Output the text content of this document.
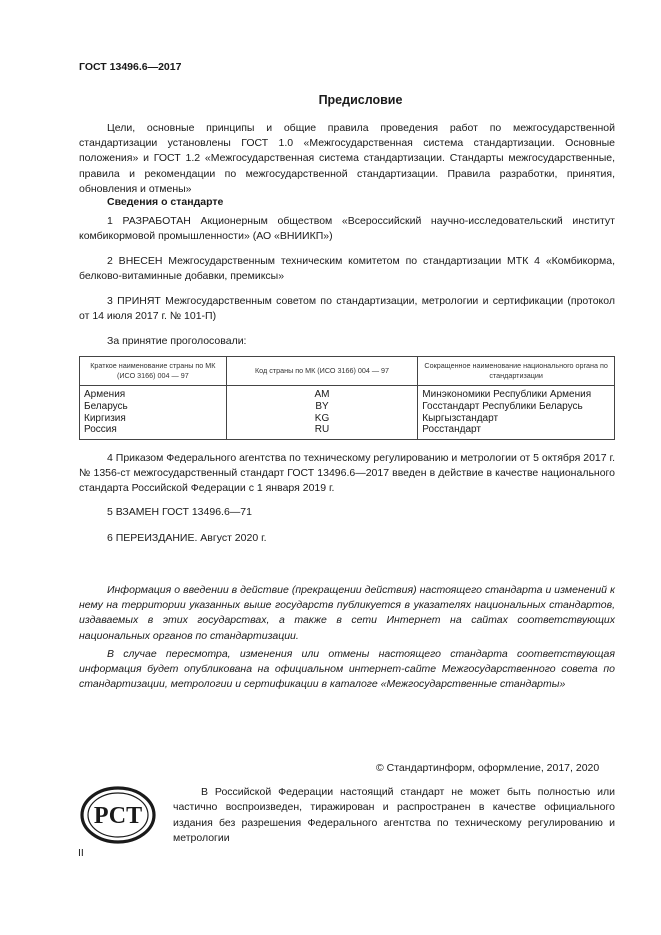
ГОСТ 13496.6—2017
Предисловие
Цели, основные принципы и общие правила проведения работ по межгосударственной стандартизации установлены ГОСТ 1.0 «Межгосударственная система стандартизации. Основные положения» и ГОСТ 1.2 «Межгосударственная система стандартизации. Стандарты межгосударственные, правила и рекомендации по межгосударственной стандартизации. Правила разработки, принятия, обновления и отмены»
Сведения о стандарте
1 РАЗРАБОТАН Акционерным обществом «Всероссийский научно-исследовательский институт комбикормовой промышленности» (АО «ВНИИКП»)
2 ВНЕСЕН Межгосударственным техническим комитетом по стандартизации МТК 4 «Комбикорма, белково-витаминные добавки, премиксы»
3 ПРИНЯТ Межгосударственным советом по стандартизации, метрологии и сертификации (протокол от 14 июля 2017 г. № 101-П)
За принятие проголосовали:
Краткое наименование страны по МК (ИСО 3166) 004 — 97	Код страны по МК (ИСО 3166) 004 — 97	Сокращенное наименование национального органа по стандартизации
Армения	AM	Минэкономики Республики Армения
Беларусь	BY	Госстандарт Республики Беларусь
Киргизия	KG	Кыргызстандарт
Россия	RU	Росстандарт
4 Приказом Федерального агентства по техническому регулированию и метрологии от 5 октября 2017 г. № 1356-ст межгосударственный стандарт ГОСТ 13496.6—2017 введен в действие в качестве национального стандарта Российской Федерации с 1 января 2019 г.
5 ВЗАМЕН ГОСТ 13496.6—71
6 ПЕРЕИЗДАНИЕ. Август 2020 г.
Информация о введении в действие (прекращении действия) настоящего стандарта и изменений к нему на территории указанных выше государств публикуется в указателях национальных стандартов, издаваемых в этих государствах, а также в сети Интернет на сайтах соответствующих национальных органов по стандартизации.
В случае пересмотра, изменения или отмены настоящего стандарта соответствующая информация будет опубликована на официальном интернет-сайте Межгосударственного совета по стандартизации, метрологии и сертификации в каталоге «Межгосударственные стандарты»
© Стандартинформ, оформление, 2017, 2020
РСТ
В Российской Федерации настоящий стандарт не может быть полностью или частично воспроизведен, тиражирован и распространен в качестве официального издания без разрешения Федерального агентства по техническому регулированию и метрологии
II
